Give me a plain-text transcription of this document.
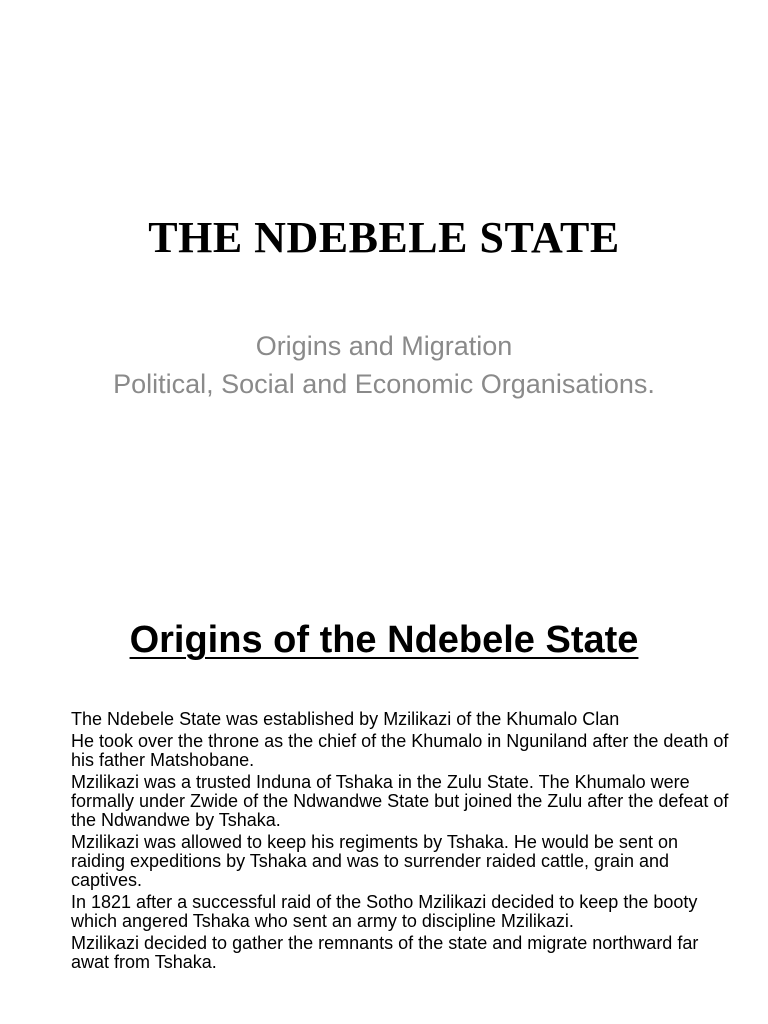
THE NDEBELE STATE

Origins and Migration

Political, Social and Economic Organisations.

Origins of the Ndebele State
The Ndebele State was established by Mzilikazi of the Khumalo Clan
He took over the throne as the chief of the Khumalo in Nguniland after the death of his father Matshobane.
Mzilikazi was a trusted Induna of Tshaka in the Zulu State. The Khumalo were formally under Zwide of the Ndwandwe State but joined the Zulu after the defeat of the Ndwandwe by Tshaka.
Mzilikazi was allowed to keep his regiments by Tshaka. He would be sent on raiding expeditions by Tshaka and was to surrender raided cattle, grain and captives.
In 1821 after a successful raid of the Sotho Mzilikazi decided to keep the booty which angered Tshaka who sent an army to discipline Mzilikazi.
Mzilikazi decided to gather the remnants of the state and migrate northward far awat from Tshaka.
